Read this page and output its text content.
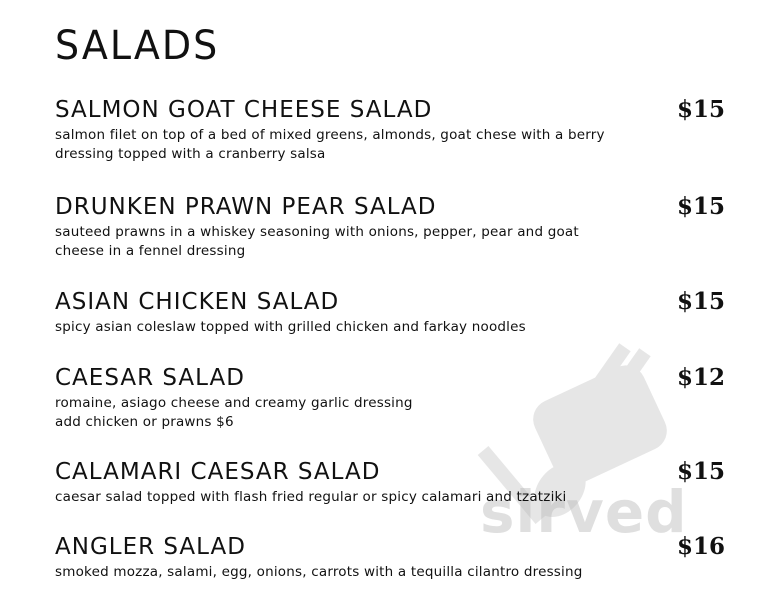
sirved
SALADS
SALMON GOAT CHEESE SALAD	$15
salmon filet on top of a bed of mixed greens, almonds, goat chese with a berry
dressing topped with a cranberry salsa
DRUNKEN PRAWN PEAR SALAD	$15
sauteed prawns in a whiskey seasoning with onions, pepper, pear and goat
cheese in a fennel dressing
ASIAN CHICKEN SALAD	$15
spicy asian coleslaw topped with grilled chicken and farkay noodles
CAESAR SALAD	$12
romaine, asiago cheese and creamy garlic dressing
add chicken or prawns $6
CALAMARI CAESAR SALAD	$15
caesar salad topped with flash fried regular or spicy calamari and tzatziki
ANGLER SALAD	$16
smoked mozza, salami, egg, onions, carrots with a tequilla cilantro dressing
